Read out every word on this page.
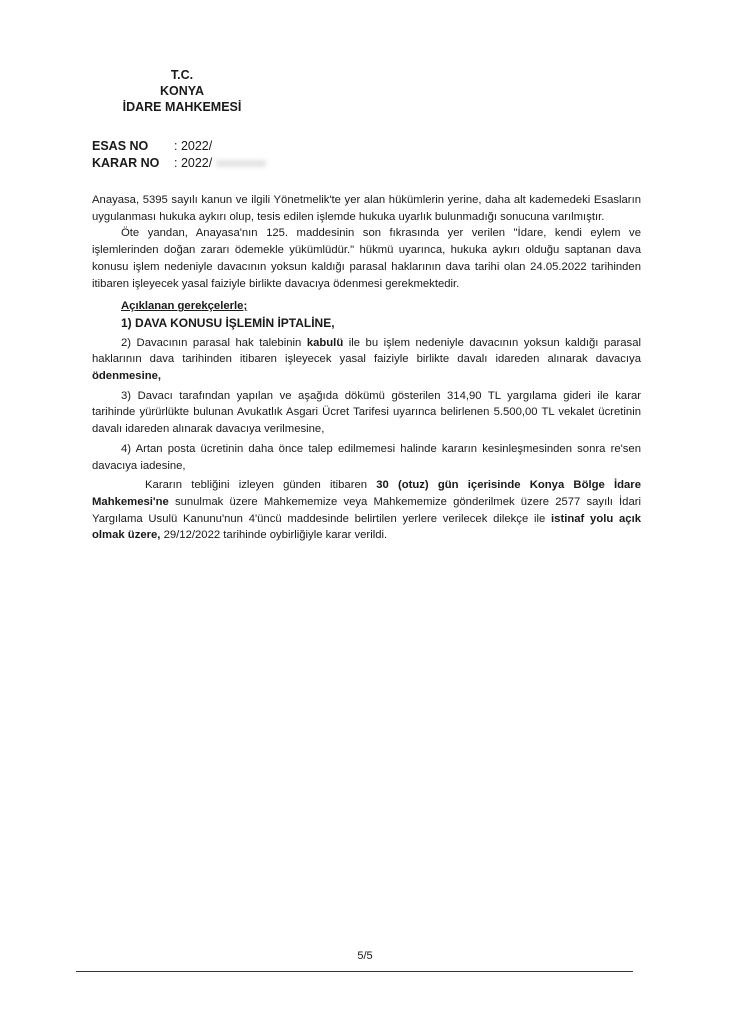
T.C.
KONYA
İDARE MAHKEMESİ
ESAS NO	: 2022/
KARAR NO	: 2022/

Anayasa, 5395 sayılı kanun ve ilgili Yönetmelik'te yer alan hükümlerin yerine, daha alt kademedeki Esasların uygulanması hukuka aykırı olup, tesis edilen işlemde hukuka uyarlık bulunmadığı sonucuna varılmıştır.

Öte yandan, Anayasa'nın 125. maddesinin son fıkrasında yer verilen "İdare, kendi eylem ve işlemlerinden doğan zararı ödemekle yükümlüdür." hükmü uyarınca, hukuka aykırı olduğu saptanan dava konusu işlem nedeniyle davacının yoksun kaldığı parasal haklarının dava tarihi olan 24.05.2022 tarihinden itibaren işleyecek yasal faiziyle birlikte davacıya ödenmesi gerekmektedir.

Açıklanan gerekçelerle;

1) DAVA KONUSU İŞLEMİN İPTALİNE,

2) Davacının parasal hak talebinin kabulü ile bu işlem nedeniyle davacının yoksun kaldığı parasal haklarının dava tarihinden itibaren işleyecek yasal faiziyle birlikte davalı idareden alınarak davacıya ödenmesine,

3) Davacı tarafından yapılan ve aşağıda dökümü gösterilen 314,90 TL yargılama gideri ile karar tarihinde yürürlükte bulunan Avukatlık Asgari Ücret Tarifesi uyarınca belirlenen 5.500,00 TL vekalet ücretinin davalı idareden alınarak davacıya verilmesine,

4) Artan posta ücretinin daha önce talep edilmemesi halinde kararın kesinleşmesinden sonra re'sen davacıya iadesine,

Kararın tebliğini izleyen günden itibaren 30 (otuz) gün içerisinde Konya Bölge İdare Mahkemesi'ne sunulmak üzere Mahkememize veya Mahkememize gönderilmek üzere 2577 sayılı İdari Yargılama Usulü Kanunu'nun 4'üncü maddesinde belirtilen yerlere verilecek dilekçe ile istinaf yolu açık olmak üzere, 29/12/2022 tarihinde oybirliğiyle karar verildi.

5/5
